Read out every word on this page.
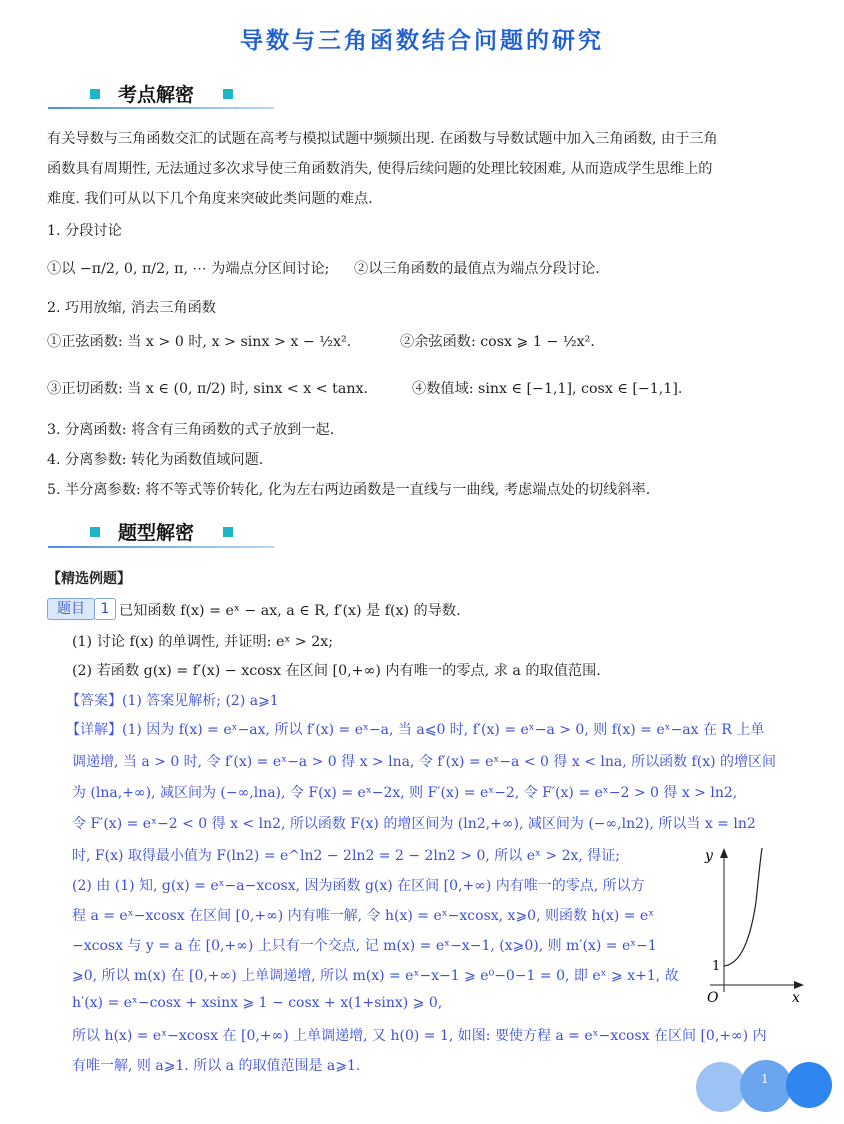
导数与三角函数结合问题的研究
考点解密
有关导数与三角函数交汇的试题在高考与模拟试题中频频出现. 在函数与导数试题中加入三角函数, 由于三角
函数具有周期性, 无法通过多次求导使三角函数消失, 使得后续问题的处理比较困难, 从而造成学生思维上的
难度. 我们可从以下几个角度来突破此类问题的难点.
1. 分段讨论
①以 −π/2, 0, π/2, π, ⋯ 为端点分区间讨论; ②以三角函数的最值点为端点分段讨论.
2. 巧用放缩, 消去三角函数
①正弦函数: 当 x > 0 时, x > sinx > x − ½x².	②余弦函数: cosx ⩾ 1 − ½x².
③正切函数: 当 x ∈ (0, π/2) 时, sinx < x < tanx.	④数值域: sinx ∈ [−1,1], cosx ∈ [−1,1].
3. 分离函数: 将含有三角函数的式子放到一起.
4. 分离参数: 转化为函数值域问题.
5. 半分离参数: 将不等式等价转化, 化为左右两边函数是一直线与一曲线, 考虑端点处的切线斜率.
题型解密
【精选例题】
题目	1 已知函数 f(x) = eˣ − ax, a ∈ R, f′(x) 是 f(x) 的导数.
(1) 讨论 f(x) 的单调性, 并证明: eˣ > 2x;
(2) 若函数 g(x) = f′(x) − xcosx 在区间 [0,+∞) 内有唯一的零点, 求 a 的取值范围.
【答案】(1) 答案见解析; (2) a⩾1
【详解】(1) 因为 f(x) = eˣ−ax, 所以 f′(x) = eˣ−a, 当 a⩽0 时, f′(x) = eˣ−a > 0, 则 f(x) = eˣ−ax 在 R 上单
调递增, 当 a > 0 时, 令 f′(x) = eˣ−a > 0 得 x > lna, 令 f′(x) = eˣ−a < 0 得 x < lna, 所以函数 f(x) 的增区间
为 (lna,+∞), 减区间为 (−∞,lna), 令 F(x) = eˣ−2x, 则 F′(x) = eˣ−2, 令 F′(x) = eˣ−2 > 0 得 x > ln2,
令 F′(x) = eˣ−2 < 0 得 x < ln2, 所以函数 F(x) 的增区间为 (ln2,+∞), 减区间为 (−∞,ln2), 所以当 x = ln2
时, F(x) 取得最小值为 F(ln2) = e^ln2 − 2ln2 = 2 − 2ln2 > 0, 所以 eˣ > 2x, 得证;
(2) 由 (1) 知, g(x) = eˣ−a−xcosx, 因为函数 g(x) 在区间 [0,+∞) 内有唯一的零点, 所以方
程 a = eˣ−xcosx 在区间 [0,+∞) 内有唯一解, 令 h(x) = eˣ−xcosx, x⩾0, 则函数 h(x) = eˣ
−xcosx 与 y = a 在 [0,+∞) 上只有一个交点, 记 m(x) = eˣ−x−1, (x⩾0), 则 m′(x) = eˣ−1
⩾0, 所以 m(x) 在 [0,+∞) 上单调递增, 所以 m(x) = eˣ−x−1 ⩾ e⁰−0−1 = 0, 即 eˣ ⩾ x+1, 故
h′(x) = eˣ−cosx + xsinx ⩾ 1 − cosx + x(1+sinx) ⩾ 0,
所以 h(x) = eˣ−xcosx 在 [0,+∞) 上单调递增, 又 h(0) = 1, 如图: 要使方程 a = eˣ−xcosx 在区间 [0,+∞) 内
有唯一解, 则 a⩾1. 所以 a 的取值范围是 a⩾1.
y
x
O
1
1
